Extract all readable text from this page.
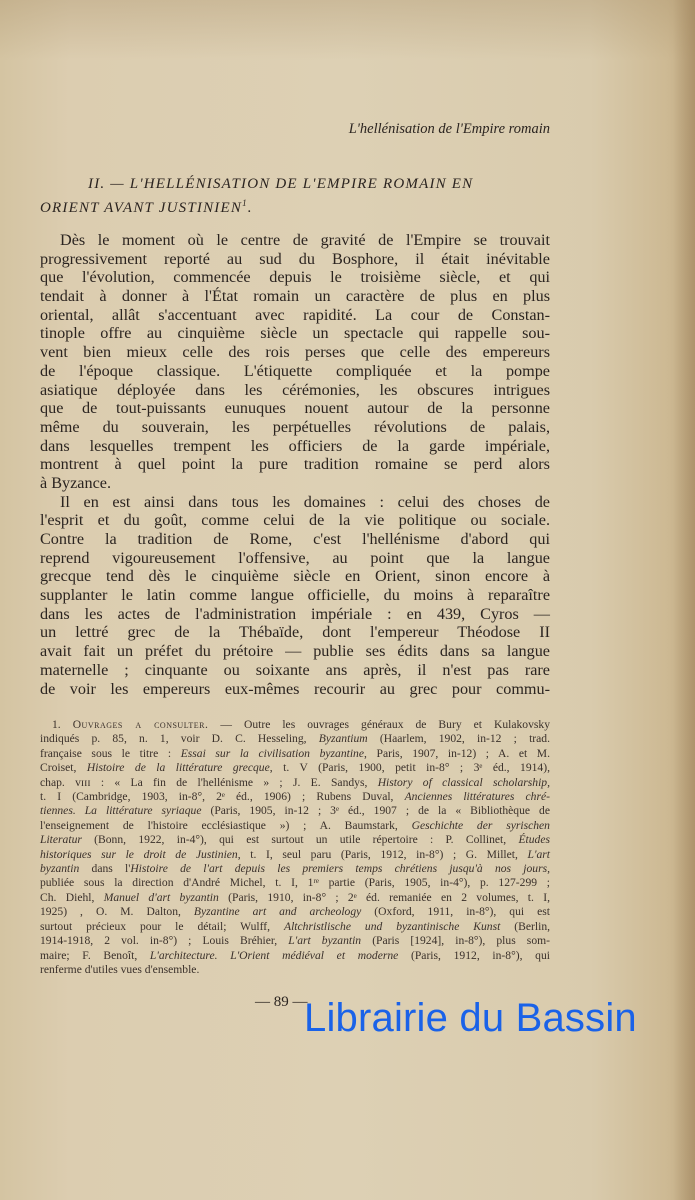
L'hellénisation de l'Empire romain
II. — L'HELLÉNISATION DE L'EMPIRE ROMAIN EN
ORIENT AVANT JUSTINIEN$^1$.
Dès le moment où le centre de gravité de l'Empire se trouvait
progressivement reporté au sud du Bosphore, il était inévitable
que l'évolution, commencée depuis le troisième siècle, et qui
tendait à donner à l'État romain un caractère de plus en plus
oriental, allât s'accentuant avec rapidité. La cour de Constan-
tinople offre au cinquième siècle un spectacle qui rappelle sou-
vent bien mieux celle des rois perses que celle des empereurs
de l'époque classique. L'étiquette compliquée et la pompe
asiatique déployée dans les cérémonies, les obscures intrigues
que de tout-puissants eunuques nouent autour de la personne
même du souverain, les perpétuelles révolutions de palais,
dans lesquelles trempent les officiers de la garde impériale,
montrent à quel point la pure tradition romaine se perd alors
à Byzance.
Il en est ainsi dans tous les domaines : celui des choses de
l'esprit et du goût, comme celui de la vie politique ou sociale.
Contre la tradition de Rome, c'est l'hellénisme d'abord qui
reprend vigoureusement l'offensive, au point que la langue
grecque tend dès le cinquième siècle en Orient, sinon encore à
supplanter le latin comme langue officielle, du moins à reparaître
dans les actes de l'administration impériale : en 439, Cyros —
un lettré grec de la Thébaïde, dont l'empereur Théodose II
avait fait un préfet du prétoire — publie ses édits dans sa langue
maternelle ; cinquante ou soixante ans après, il n'est pas rare
de voir les empereurs eux-mêmes recourir au grec pour commu-
1. Ouvrages a consulter. — Outre les ouvrages généraux de Bury et Kulakovsky
indiqués p. 85, n. 1, voir D. C. Hesseling, Byzantium (Haarlem, 1902, in-12 ; trad.
française sous le titre : Essai sur la civilisation byzantine, Paris, 1907, in-12) ; A. et M.
Croiset, Histoire de la littérature grecque, t. V (Paris, 1900, petit in-8° ; 3ᵉ éd., 1914),
chap. ᴠɪɪɪ : « La fin de l'hellénisme » ; J. E. Sandys, History of classical scholarship,
t. I (Cambridge, 1903, in-8°, 2ᵉ éd., 1906) ; Rubens Duval, Anciennes littératures chré-
tiennes. La littérature syriaque (Paris, 1905, in-12 ; 3ᵉ éd., 1907 ; de la « Bibliothèque de
l'enseignement de l'histoire ecclésiastique ») ; A. Baumstark, Geschichte der syrischen
Literatur (Bonn, 1922, in-4°), qui est surtout un utile répertoire : P. Collinet, Études
historiques sur le droit de Justinien, t. I, seul paru (Paris, 1912, in-8°) ; G. Millet, L'art
byzantin dans l'Histoire de l'art depuis les premiers temps chrétiens jusqu'à nos jours,
publiée sous la direction d'André Michel, t. I, 1ʳᵉ partie (Paris, 1905, in-4°), p. 127-299 ;
Ch. Diehl, Manuel d'art byzantin (Paris, 1910, in-8° ; 2ᵉ éd. remaniée en 2 volumes, t. I,
1925) , O. M. Dalton, Byzantine art and archeology (Oxford, 1911, in-8°), qui est
surtout précieux pour le détail; Wulff, Altchristlische und byzantinische Kunst (Berlin,
1914-1918, 2 vol. in-8°) ; Louis Bréhier, L'art byzantin (Paris [1924], in-8°), plus som-
maire; F. Benoît, L'architecture. L'Orient médiéval et moderne (Paris, 1912, in-8°), qui
renferme d'utiles vues d'ensemble.
— 89 —
Librairie du Bassin
